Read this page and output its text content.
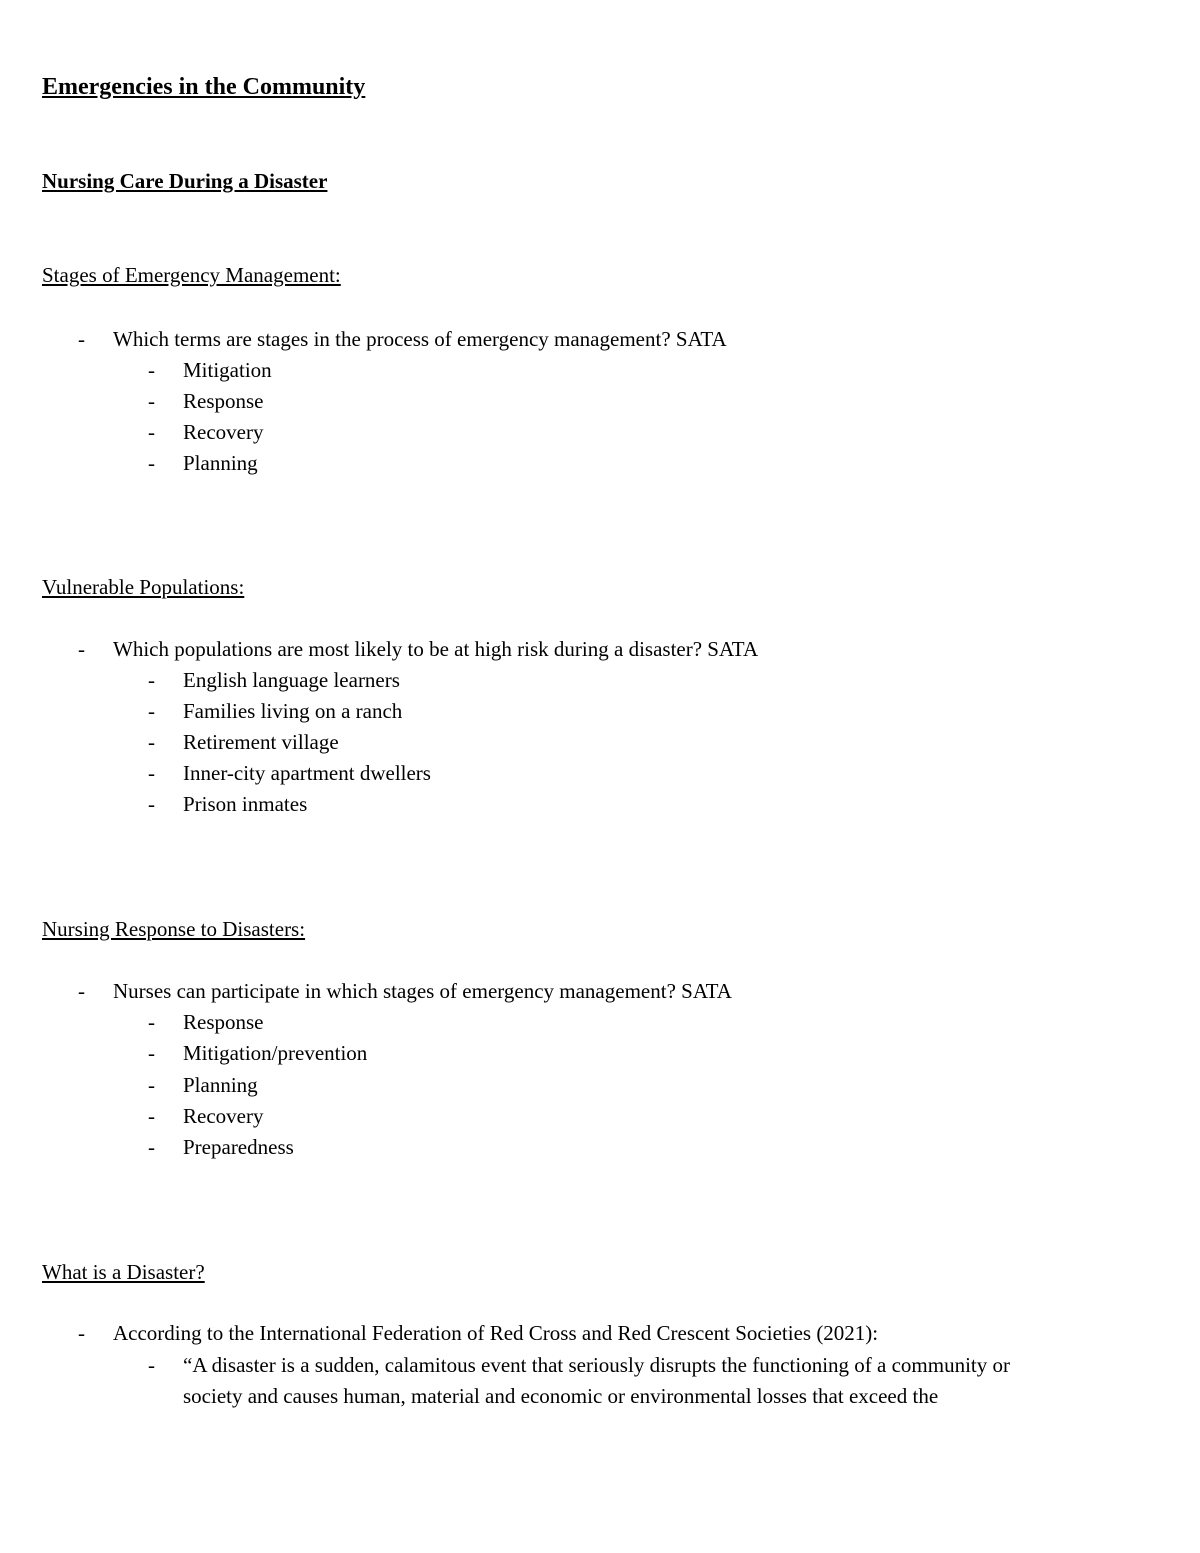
Emergencies in the Community
Nursing Care During a Disaster
Stages of Emergency Management:
- Which terms are stages in the process of emergency management? SATA
- Mitigation
- Response
- Recovery
- Planning
Vulnerable Populations:
- Which populations are most likely to be at high risk during a disaster? SATA
- English language learners
- Families living on a ranch
- Retirement village
- Inner-city apartment dwellers
- Prison inmates
Nursing Response to Disasters:
- Nurses can participate in which stages of emergency management? SATA
- Response
- Mitigation/prevention
- Planning
- Recovery
- Preparedness
What is a Disaster?
- According to the International Federation of Red Cross and Red Crescent Societies (2021):
- “A disaster is a sudden, calamitous event that seriously disrupts the functioning of a community or
society and causes human, material and economic or environmental losses that exceed the
